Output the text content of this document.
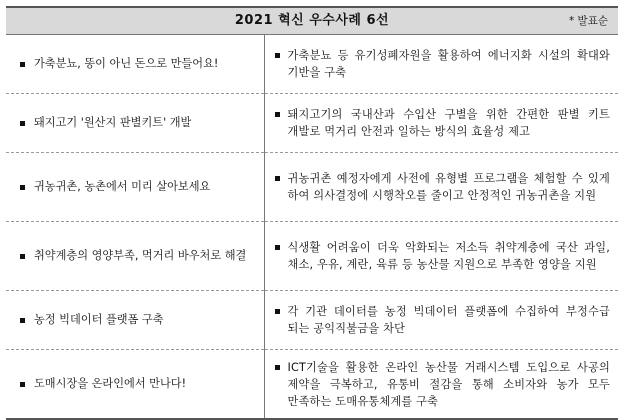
2021 혁신 우수사례 6선 * 발표순	

가축분뇨, 똥이 아닌 돈으로 만들어요!	가축분뇨 등 유기성폐자원을 활용하여 에너지화 시설의 확대와 기반을 구축

돼지고기 '원산지 판별키트' 개발	돼지고기의 국내산과 수입산 구별을 위한 간편한 판별 키트 개발로 먹거리 안전과 일하는 방식의 효율성 제고

귀농귀촌, 농촌에서 미리 살아보세요	귀농귀촌 예정자에게 사전에 유형별 프로그램을 체험할 수 있게 하여 의사결정에 시행착오를 줄이고 안정적인 귀농귀촌을 지원

취약계층의 영양부족, 먹거리 바우처로 해결	식생활 어려움이 더욱 악화되는 저소득 취약계층에 국산 과일, 채소, 우유, 계란, 육류 등 농산물 지원으로 부족한 영양을 지원

농정 빅데이터 플랫폼 구축	각 기관 데이터를 농정 빅데이터 플랫폼에 수집하여 부정수급 되는 공익직불금을 차단

도매시장을 온라인에서 만나다!	ICT기술을 활용한 온라인 농산물 거래시스템 도입으로 사공의 제약을 극복하고, 유통비 절감을 통해 소비자와 농가 모두 만족하는 도매유통체계를 구축
